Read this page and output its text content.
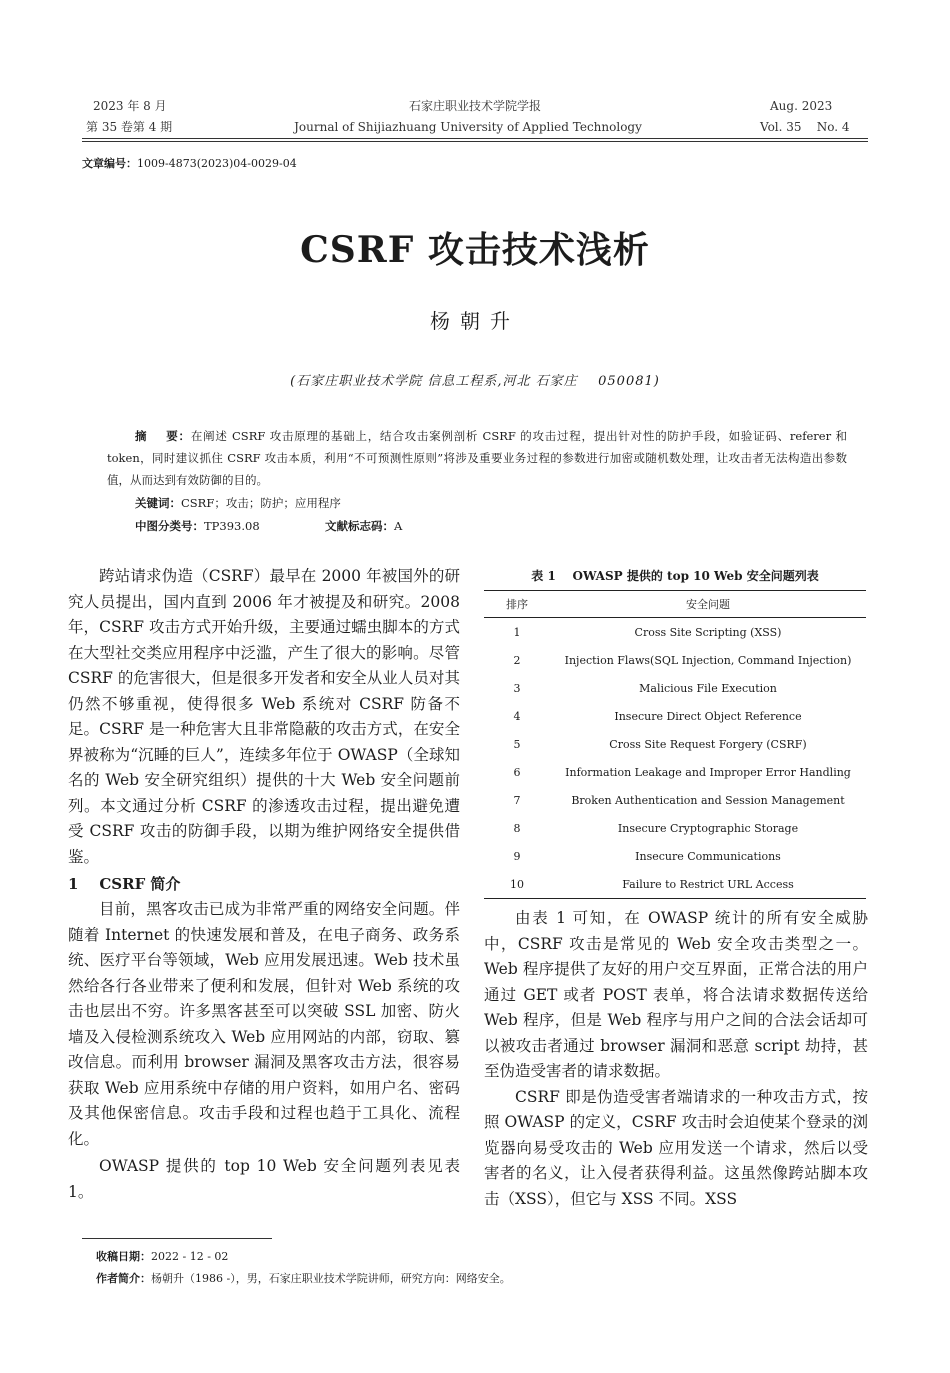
2023 年 8 月
第 35 卷第 4 期
石家庄职业技术学院学报
Journal of Shijiazhuang University of Applied Technology
Aug. 2023
Vol. 35    No. 4
文章编号：1009-4873(2023)04-0029-04
CSRF 攻击技术浅析
杨朝升
(石家庄职业技术学院 信息工程系,河北 石家庄    050081)
摘    要：在阐述 CSRF 攻击原理的基础上，结合攻击案例剖析 CSRF 的攻击过程，提出针对性的防护手段，如验证码、referer 和 token，同时建议抓住 CSRF 攻击本质，利用“不可预测性原则”将涉及重要业务过程的参数进行加密或随机数处理，让攻击者无法构造出参数值，从而达到有效防御的目的。
关键词：CSRF；攻击；防护；应用程序
中图分类号：TP393.08	文献标志码：A

跨站请求伪造（CSRF）最早在 2000 年被国外的研究人员提出，国内直到 2006 年才被提及和研究。2008 年，CSRF 攻击方式开始升级，主要通过蠕虫脚本的方式在大型社交类应用程序中泛滥，产生了很大的影响。尽管 CSRF 的危害很大，但是很多开发者和安全从业人员对其仍然不够重视，使得很多 Web 系统对 CSRF 防备不足。CSRF 是一种危害大且非常隐蔽的攻击方式，在安全界被称为“沉睡的巨人”，连续多年位于 OWASP（全球知名的 Web 安全研究组织）提供的十大 Web 安全问题前列。本文通过分析 CSRF 的渗透攻击过程，提出避免遭受 CSRF 攻击的防御手段，以期为维护网络安全提供借鉴。

1    CSRF 简介

目前，黑客攻击已成为非常严重的网络安全问题。伴随着 Internet 的快速发展和普及，在电子商务、政务系统、医疗平台等领域，Web 应用发展迅速。Web 技术虽然给各行各业带来了便利和发展，但针对 Web 系统的攻击也层出不穷。许多黑客甚至可以突破 SSL 加密、防火墙及入侵检测系统攻入 Web 应用网站的内部，窃取、篡改信息。而利用 browser 漏洞及黑客攻击方法，很容易获取 Web 应用系统中存储的用户资料，如用户名、密码及其他保密信息。攻击手段和过程也趋于工具化、流程化。

OWASP 提供的 top 10 Web 安全问题列表见表 1。

表 1    OWASP 提供的 top 10 Web 安全问题列表
排序	安全问题
1	Cross Site Scripting (XSS)
2	Injection Flaws(SQL Injection, Command Injection)
3	Malicious File Execution
4	Insecure Direct Object Reference
5	Cross Site Request Forgery (CSRF)
6	Information Leakage and Improper Error Handling
7	Broken Authentication and Session Management
8	Insecure Cryptographic Storage
9	Insecure Communications
10	Failure to Restrict URL Access

由表 1 可知，在 OWASP 统计的所有安全威胁中，CSRF 攻击是常见的 Web 安全攻击类型之一。Web 程序提供了友好的用户交互界面，正常合法的用户通过 GET 或者 POST 表单，将合法请求数据传送给 Web 程序，但是 Web 程序与用户之间的合法会话却可以被攻击者通过 browser 漏洞和恶意 script 劫持，甚至伪造受害者的请求数据。

CSRF 即是伪造受害者端请求的一种攻击方式，按照 OWASP 的定义，CSRF 攻击时会迫使某个登录的浏览器向易受攻击的 Web 应用发送一个请求，然后以受害者的名义，让入侵者获得利益。这虽然像跨站脚本攻击（XSS），但它与 XSS 不同。XSS

收稿日期：2022 - 12 - 02
作者简介：杨朝升（1986 -），男，石家庄职业技术学院讲师，研究方向：网络安全。
